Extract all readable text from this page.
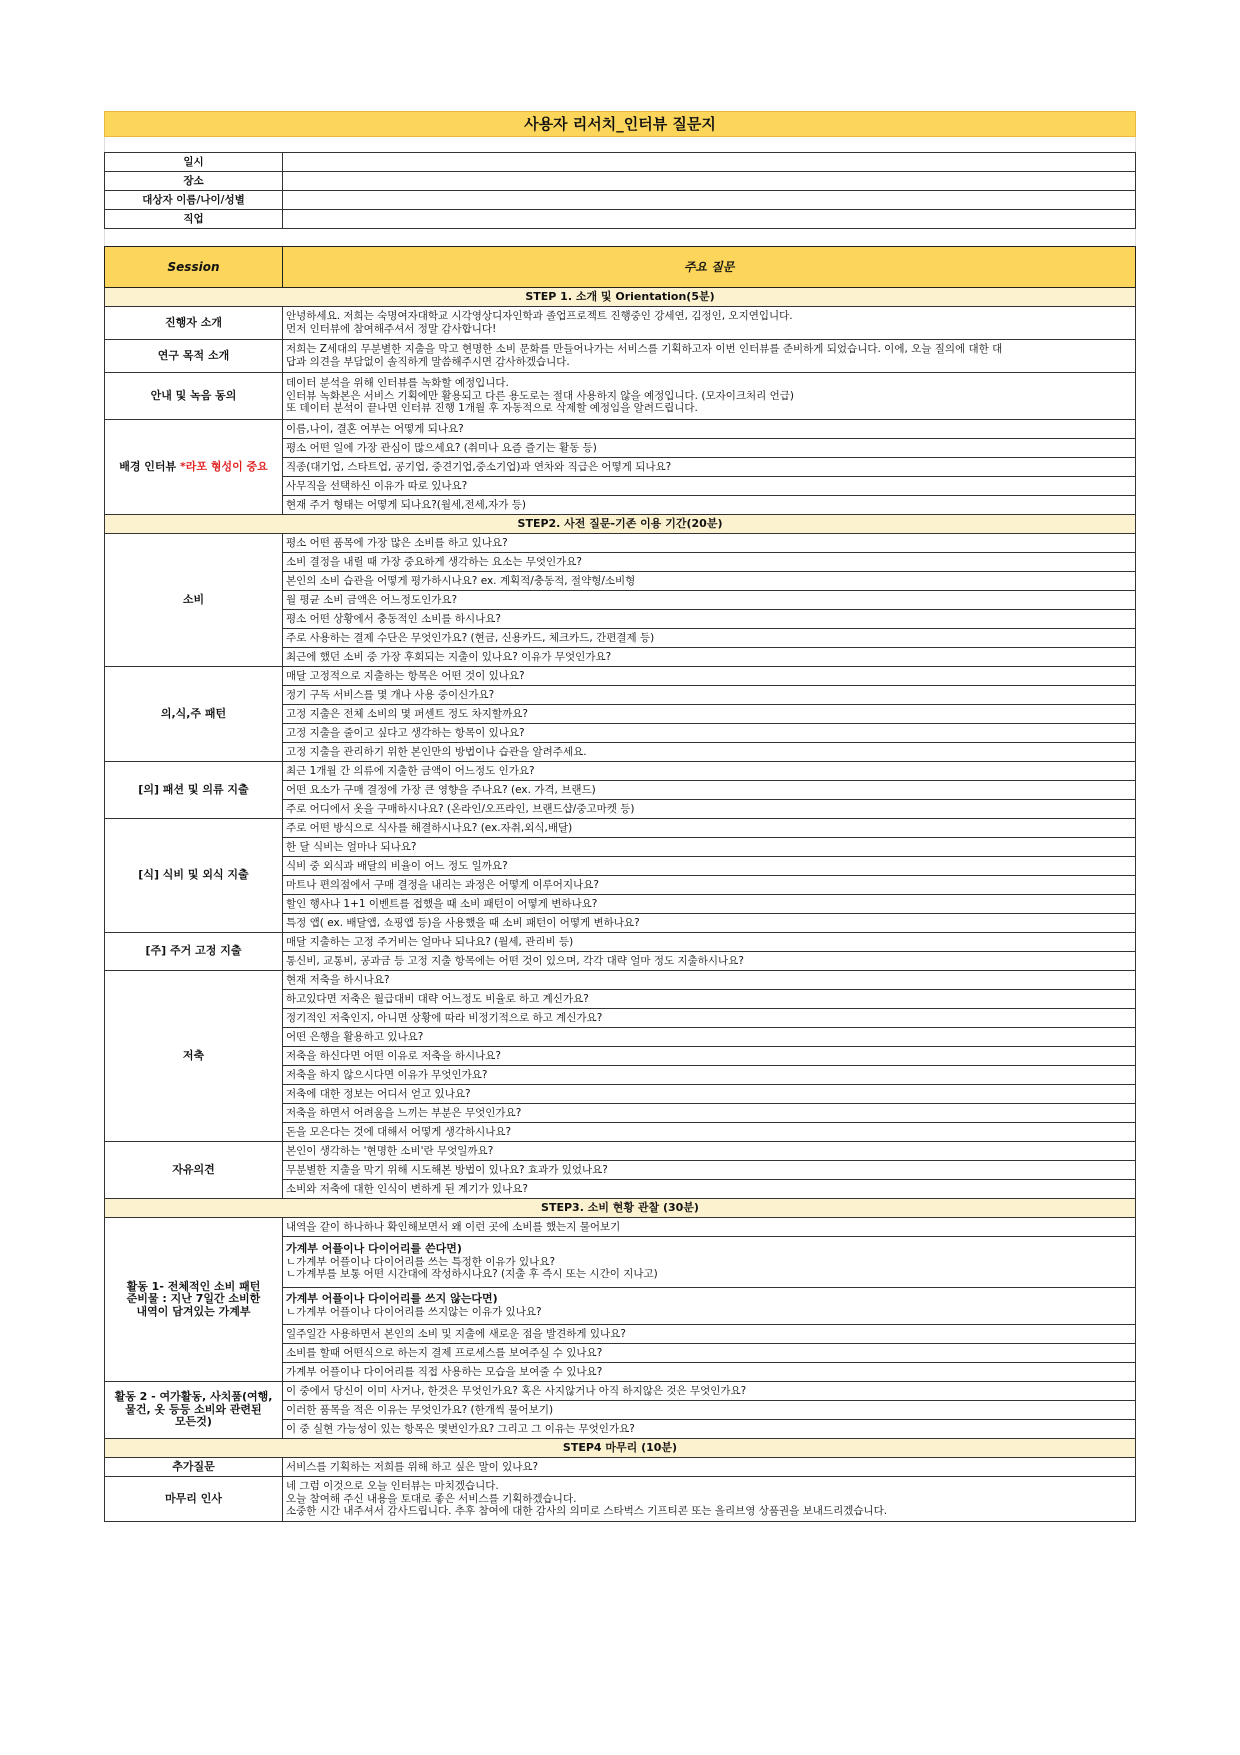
사용자 리서치_인터뷰 질문지
일시	
장소	
대상자 이름/나이/성별	
직업	
Session	주요 질문
STEP 1. 소개 및 Orientation(5분)	
진행자 소개	안녕하세요. 저희는 숙명여자대학교 시각영상디자인학과 졸업프로젝트 진행중인 강세연, 김정인, 오지연입니다.
먼저 인터뷰에 참여해주셔서 정말 감사합니다!

연구 목적 소개	저희는 Z세대의 무분별한 지출을 막고 현명한 소비 문화를 만들어나가는 서비스를 기획하고자 이번 인터뷰를 준비하게 되었습니다. 이에, 오늘 질의에 대한 대
답과 의견을 부담없이 솔직하게 말씀해주시면 감사하겠습니다.

안내 및 녹음 동의	데이터 분석을 위해 인터뷰를 녹화할 예정입니다.
인터뷰 녹화본은 서비스 기획에만 활용되고 다른 용도로는 절대 사용하지 않을 예정입니다. (모자이크처리 언급)
또 데이터 분석이 끝나면 인터뷰 진행 1개월 후 자동적으로 삭제할 예정임을 알려드립니다.

배경 인터뷰 *라포 형성이 중요	이름,나이, 결혼 여부는 어떻게 되나요?
	평소 어떤 일에 가장 관심이 많으세요? (취미나 요즘 즐기는 활동 등)
	직종(대기업, 스타트업, 공기업, 중견기업,중소기업)과 연차와 직급은 어떻게 되나요?
	사무직을 선택하신 이유가 따로 있나요?
	현재 주거 형태는 어떻게 되나요?(월세,전세,자가 등)
STEP2. 사전 질문-기존 이용 기간(20분)	
소비	평소 어떤 품목에 가장 많은 소비를 하고 있나요?
	소비 결정을 내릴 때 가장 중요하게 생각하는 요소는 무엇인가요?
	본인의 소비 습관을 어떻게 평가하시나요? ex. 계획적/충동적, 절약형/소비형
	월 평균 소비 금액은 어느정도인가요?
	평소 어떤 상황에서 충동적인 소비를 하시나요?
	주로 사용하는 결제 수단은 무엇인가요? (현금, 신용카드, 체크카드, 간편결제 등)
	최근에 했던 소비 중 가장 후회되는 지출이 있나요? 이유가 무엇인가요?
의,식,주 패턴	매달 고정적으로 지출하는 항목은 어떤 것이 있나요?
	정기 구독 서비스를 몇 개나 사용 중이신가요?
	고정 지출은 전체 소비의 몇 퍼센트 정도 차지할까요?
	고정 지출을 줄이고 싶다고 생각하는 항목이 있나요?
	고정 지출을 관리하기 위한 본인만의 방법이나 습관을 알려주세요.
[의] 패션 및 의류 지출	최근 1개월 간 의류에 지출한 금액이 어느정도 인가요?
	어떤 요소가 구매 결정에 가장 큰 영향을 주나요? (ex. 가격, 브랜드)
	주로 어디에서 옷을 구매하시나요? (온라인/오프라인, 브랜드샵/중고마켓 등)
[식] 식비 및 외식 지출	주로 어떤 방식으로 식사를 해결하시나요? (ex.자취,외식,배달)
	한 달 식비는 얼마나 되나요?
	식비 중 외식과 배달의 비율이 어느 정도 일까요?
	마트나 편의점에서 구매 결정을 내리는 과정은 어떻게 이루어지나요?
	할인 행사나 1+1 이벤트를 접했을 때 소비 패턴이 어떻게 변하나요?
	특정 앱( ex. 배달앱, 쇼핑앱 등)을 사용했을 때 소비 패턴이 어떻게 변하나요?
[주] 주거 고정 지출	매달 지출하는 고정 주거비는 얼마나 되나요? (월세, 관리비 등)
	통신비, 교통비, 공과금 등 고정 지출 항목에는 어떤 것이 있으며, 각각 대략 얼마 정도 지출하시나요?
저축	현재 저축을 하시나요?
	하고있다면 저축은 월급대비 대략 어느정도 비율로 하고 계신가요?
	정기적인 저축인지, 아니면 상황에 따라 비정기적으로 하고 계신가요?
	어떤 은행을 활용하고 있나요?
	저축을 하신다면 어떤 이유로 저축을 하시나요?
	저축을 하지 않으시다면 이유가 무엇인가요?
	저축에 대한 정보는 어디서 얻고 있나요?
	저축을 하면서 어려움을 느끼는 부분은 무엇인가요?
	돈을 모은다는 것에 대해서 어떻게 생각하시나요?
자유의견	본인이 생각하는 '현명한 소비'란 무엇일까요?
	무분별한 지출을 막기 위해 시도해본 방법이 있나요? 효과가 있었나요?
	소비와 저축에 대한 인식이 변하게 된 계기가 있나요?
STEP3. 소비 현황 관찰 (30분)	
활동 1- 전체적인 소비 패턴 준비물 : 지난 7일간 소비한 내역이 담겨있는 가계부	내역을 같이 하나하나 확인해보면서 왜 이런 곳에 소비를 했는지 물어보기

	가계부 어플이나 다이어리를 쓴다면)
ㄴ가계부 어플이나 다이어리를 쓰는 특정한 이유가 있나요?
ㄴ가계부를 보통 어떤 시간대에 작성하시나요? (지출 후 즉시 또는 시간이 지나고)

	가계부 어플이나 다이어리를 쓰지 않는다면)
ㄴ가계부 어플이나 다이어리를 쓰지않는 이유가 있나요?

	일주일간 사용하면서 본인의 소비 및 지출에 새로운 점을 발견하게 있나요?
	소비를 할때 어떤식으로 하는지 결제 프로세스를 보여주실 수 있나요?
	가계부 어플이나 다이어리를 직접 사용하는 모습을 보여줄 수 있나요?
활동 2 - 여가활동, 사치품(여행, 물건, 옷 등등 소비와 관련된 모든것)	이 중에서 당신이 이미 사거나, 한것은 무엇인가요? 혹은 사지않거나 아직 하지않은 것은 무엇인가요?
	이러한 품목을 적은 이유는 무엇인가요? (한개씩 물어보기)
	이 중 실현 가능성이 있는 항목은 몇번인가요? 그리고 그 이유는 무엇인가요?
STEP4 마무리 (10분)	
추가질문	서비스를 기획하는 저희를 위해 하고 싶은 말이 있나요?
마무리 인사	네 그럼 이것으로 오늘 인터뷰는 마치겠습니다.
오늘 참여해 주신 내용을 토대로 좋은 서비스를 기획하겠습니다.
소중한 시간 내주셔서 감사드립니다. 추후 참여에 대한 감사의 의미로 스타벅스 기프티콘 또는 올리브영 상품권을 보내드리겠습니다.
